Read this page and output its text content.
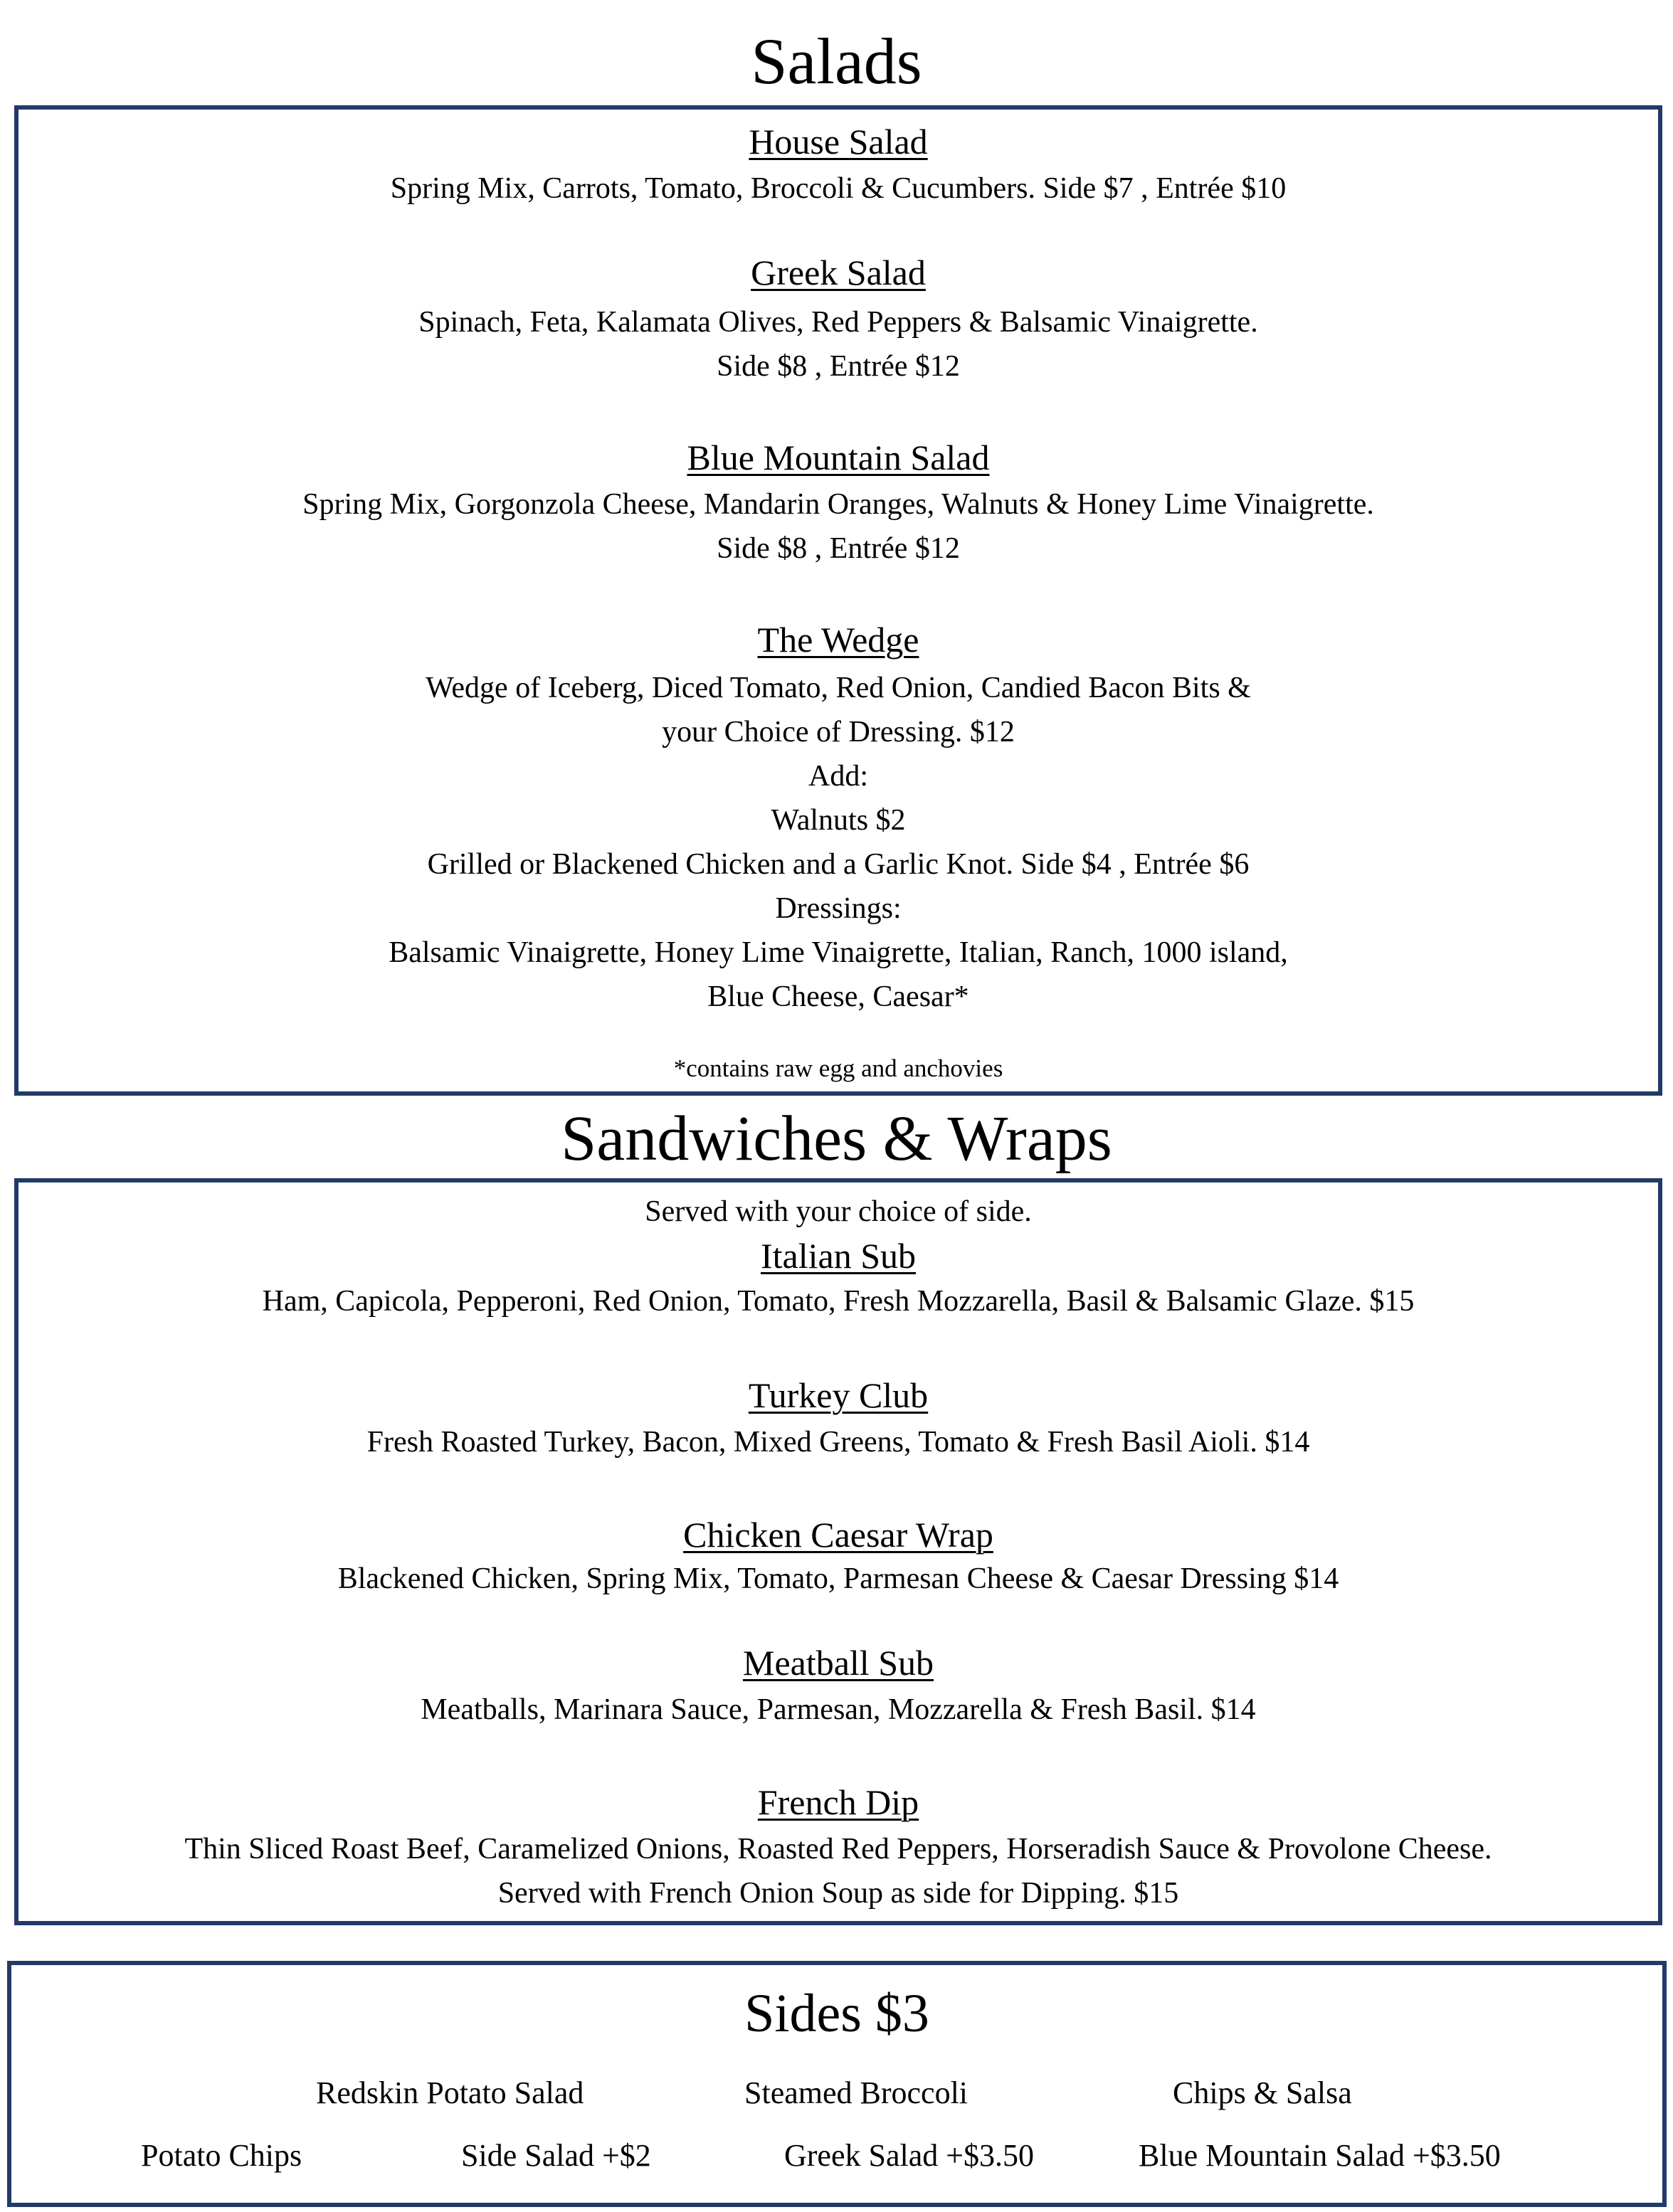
Salads
House Salad
Spring Mix, Carrots, Tomato, Broccoli & Cucumbers. Side $7 , Entrée $10
Greek Salad
Spinach, Feta, Kalamata Olives, Red Peppers & Balsamic Vinaigrette.
Side $8 , Entrée $12
Blue Mountain Salad
Spring Mix, Gorgonzola Cheese, Mandarin Oranges, Walnuts & Honey Lime Vinaigrette.
Side $8 , Entrée $12
The Wedge
Wedge of Iceberg, Diced Tomato, Red Onion, Candied Bacon Bits &
your Choice of Dressing. $12
Add:
Walnuts $2
Grilled or Blackened Chicken and a Garlic Knot. Side $4 , Entrée $6
Dressings:
Balsamic Vinaigrette, Honey Lime Vinaigrette, Italian, Ranch, 1000 island,
Blue Cheese, Caesar*
*contains raw egg and anchovies
Sandwiches & Wraps
Served with your choice of side.
Italian Sub
Ham, Capicola, Pepperoni, Red Onion, Tomato, Fresh Mozzarella, Basil & Balsamic Glaze. $15
Turkey Club
Fresh Roasted Turkey, Bacon, Mixed Greens, Tomato & Fresh Basil Aioli. $14
Chicken Caesar Wrap
Blackened Chicken, Spring Mix, Tomato, Parmesan Cheese & Caesar Dressing $14
Meatball Sub
Meatballs, Marinara Sauce, Parmesan, Mozzarella & Fresh Basil. $14
French Dip
Thin Sliced Roast Beef, Caramelized Onions, Roasted Red Peppers, Horseradish Sauce & Provolone Cheese.
Served with French Onion Soup as side for Dipping. $15
Sides $3
Redskin Potato Salad	Steamed Broccoli	Chips & Salsa
Potato Chips	Side Salad +$2	Greek Salad +$3.50	Blue Mountain Salad +$3.50
